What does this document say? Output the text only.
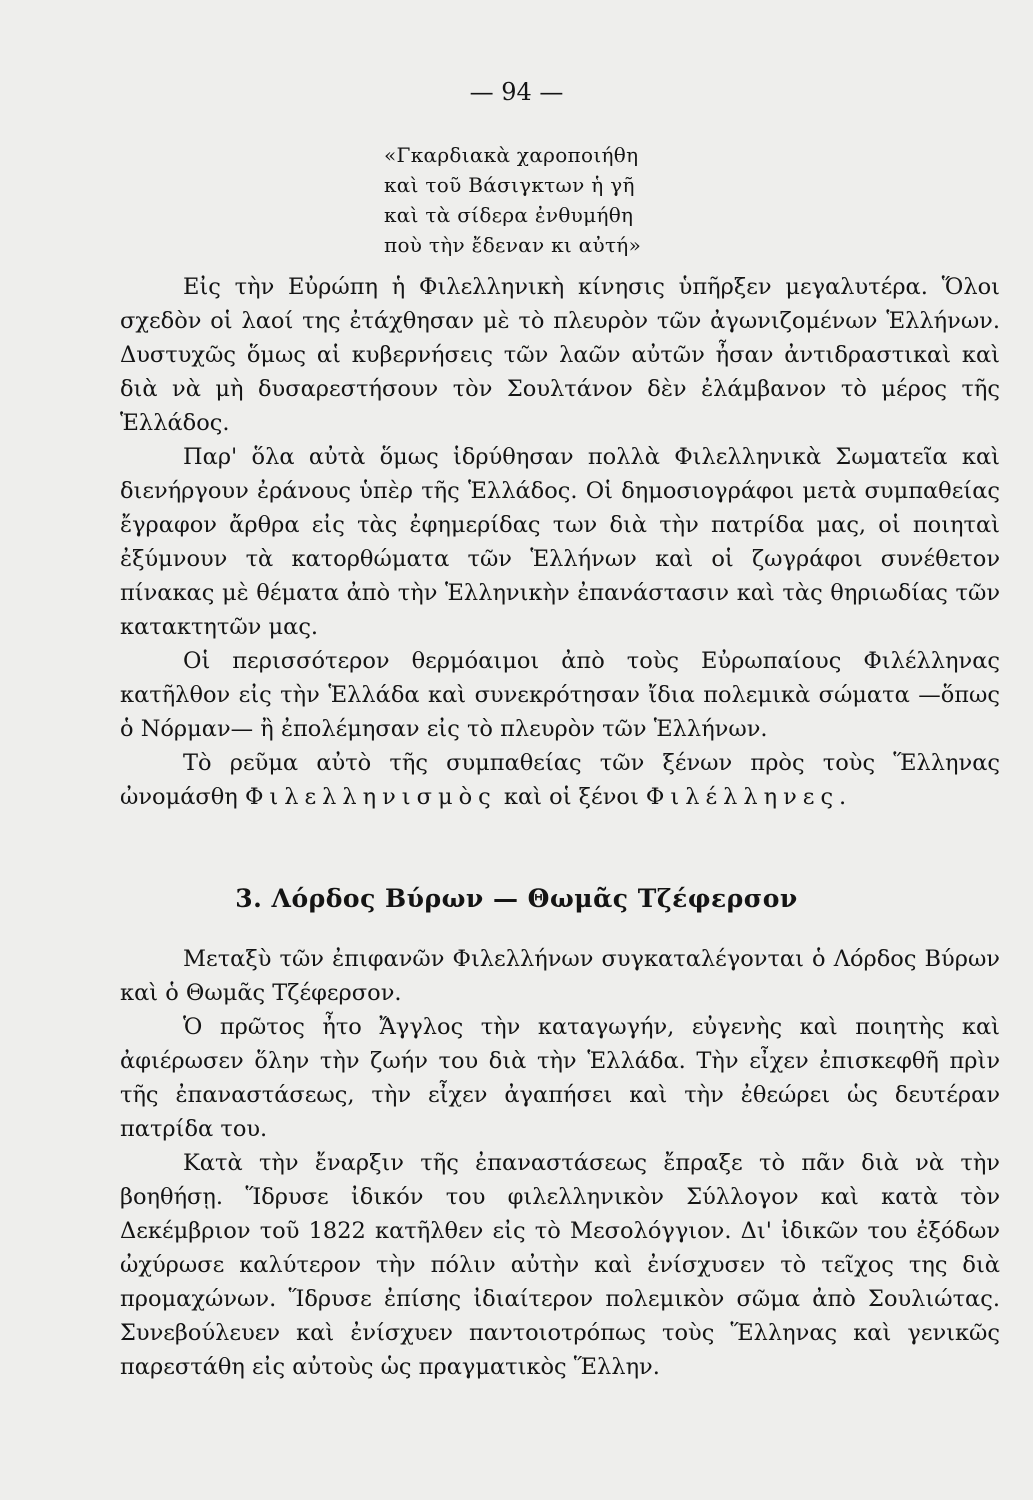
— 94 —
«Γκαρδιακὰ χαροποιήθη
καὶ τοῦ Βάσιγκτων ἡ γῆ
καὶ τὰ σίδερα ἐνθυμήθη
ποὺ τὴν ἔδεναν κι αὐτή»

Εἰς τὴν Εὐρώπη ἡ Φιλελληνικὴ κίνησις ὑπῆρξεν μεγαλυτέρα. Ὅλοι σχεδὸν οἱ λαοί της ἐτάχθησαν μὲ τὸ πλευρὸν τῶν ἀγωνιζομένων Ἑλλήνων. Δυστυχῶς ὅμως αἱ κυβερνήσεις τῶν λαῶν αὐτῶν ἦσαν ἀντιδραστικαὶ καὶ διὰ νὰ μὴ δυσαρεστήσουν τὸν Σουλτάνον δὲν ἐλάμβανον τὸ μέρος τῆς Ἑλλάδος.

Παρ' ὅλα αὐτὰ ὅμως ἱδρύθησαν πολλὰ Φιλελληνικὰ Σωματεῖα καὶ διενήργουν ἐράνους ὑπὲρ τῆς Ἑλλάδος. Οἱ δημοσιογράφοι μετὰ συμπαθείας ἔγραφον ἄρθρα εἰς τὰς ἐφημερίδας των διὰ τὴν πατρίδα μας, οἱ ποιηταὶ ἐξύμνουν τὰ κατορθώματα τῶν Ἑλλήνων καὶ οἱ ζωγράφοι συνέθετον πίνακας μὲ θέματα ἀπὸ τὴν Ἑλληνικὴν ἐπανάστασιν καὶ τὰς θηριωδίας τῶν κατακτητῶν μας.

Οἱ περισσότερον θερμόαιμοι ἀπὸ τοὺς Εὐρωπαίους Φιλέλληνας κατῆλθον εἰς τὴν Ἑλλάδα καὶ συνεκρότησαν ἴδια πολεμικὰ σώματα —ὅπως ὁ Νόρμαν— ἢ ἐπολέμησαν εἰς τὸ πλευρὸν τῶν Ἑλλήνων.

Τὸ ρεῦμα αὐτὸ τῆς συμπαθείας τῶν ξένων πρὸς τοὺς Ἕλληνας ὠνομάσθη Φιλελληνισμὸς καὶ οἱ ξένοι Φιλέλληνες.

3. Λόρδος Βύρων — Θωμᾶς Τζέφερσον

Μεταξὺ τῶν ἐπιφανῶν Φιλελλήνων συγκαταλέγονται ὁ Λόρδος Βύρων καὶ ὁ Θωμᾶς Τζέφερσον.

Ὁ πρῶτος ἦτο Ἄγγλος τὴν καταγωγήν, εὐγενὴς καὶ ποιητὴς καὶ ἀφιέρωσεν ὅλην τὴν ζωήν του διὰ τὴν Ἑλλάδα. Τὴν εἶχεν ἐπισκεφθῆ πρὶν τῆς ἐπαναστάσεως, τὴν εἶχεν ἀγαπήσει καὶ τὴν ἐθεώρει ὡς δευτέραν πατρίδα του.

Κατὰ τὴν ἔναρξιν τῆς ἐπαναστάσεως ἔπραξε τὸ πᾶν διὰ νὰ τὴν βοηθήσῃ. Ἵδρυσε ἰδικόν του φιλελληνικὸν Σύλλογον καὶ κατὰ τὸν Δεκέμβριον τοῦ 1822 κατῆλθεν εἰς τὸ Μεσολόγγιον. Δι' ἰδικῶν του ἐξόδων ὠχύρωσε καλύτερον τὴν πόλιν αὐτὴν καὶ ἐνίσχυσεν τὸ τεῖχος της διὰ προμαχώνων. Ἵδρυσε ἐπίσης ἰδιαίτερον πολεμικὸν σῶμα ἀπὸ Σουλιώτας. Συνεβούλευεν καὶ ἐνίσχυεν παντοιοτρόπως τοὺς Ἕλληνας καὶ γενικῶς παρεστάθη εἰς αὐτοὺς ὡς πραγματικὸς Ἕλλην.
